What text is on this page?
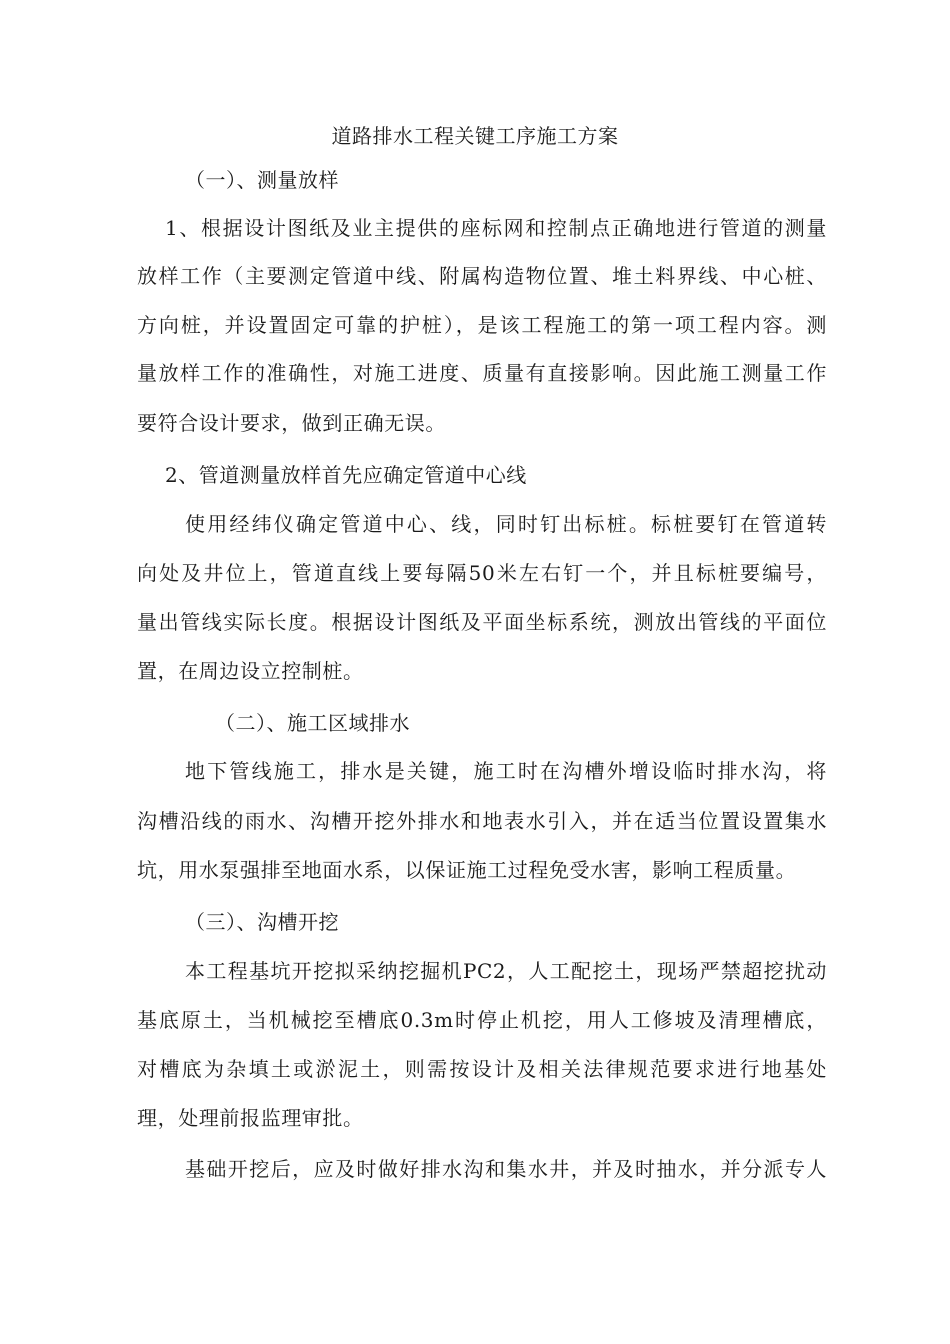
道路排水工程关键工序施工方案
（一）、测量放样
1、根据设计图纸及业主提供的座标网和控制点正确地进行管道的测量
放样工作（主要测定管道中线、附属构造物位置、堆土料界线、中心桩、
方向桩，并设置固定可靠的护桩），是该工程施工的第一项工程内容。测
量放样工作的准确性，对施工进度、质量有直接影响。因此施工测量工作
要符合设计要求，做到正确无误。
2、管道测量放样首先应确定管道中心线
使用经纬仪确定管道中心、线，同时钉出标桩。标桩要钉在管道转
向处及井位上，管道直线上要每隔50米左右钉一个，并且标桩要编号，
量出管线实际长度。根据设计图纸及平面坐标系统，测放出管线的平面位
置，在周边设立控制桩。
（二）、施工区域排水
地下管线施工，排水是关键，施工时在沟槽外增设临时排水沟，将
沟槽沿线的雨水、沟槽开挖外排水和地表水引入，并在适当位置设置集水
坑，用水泵强排至地面水系，以保证施工过程免受水害，影响工程质量。
（三）、沟槽开挖
本工程基坑开挖拟采纳挖掘机PC2，人工配挖土，现场严禁超挖扰动
基底原土，当机械挖至槽底0.3m时停止机挖，用人工修坡及清理槽底，
对槽底为杂填土或淤泥土，则需按设计及相关法律规范要求进行地基处
理，处理前报监理审批。
基础开挖后，应及时做好排水沟和集水井，并及时抽水，并分派专人
